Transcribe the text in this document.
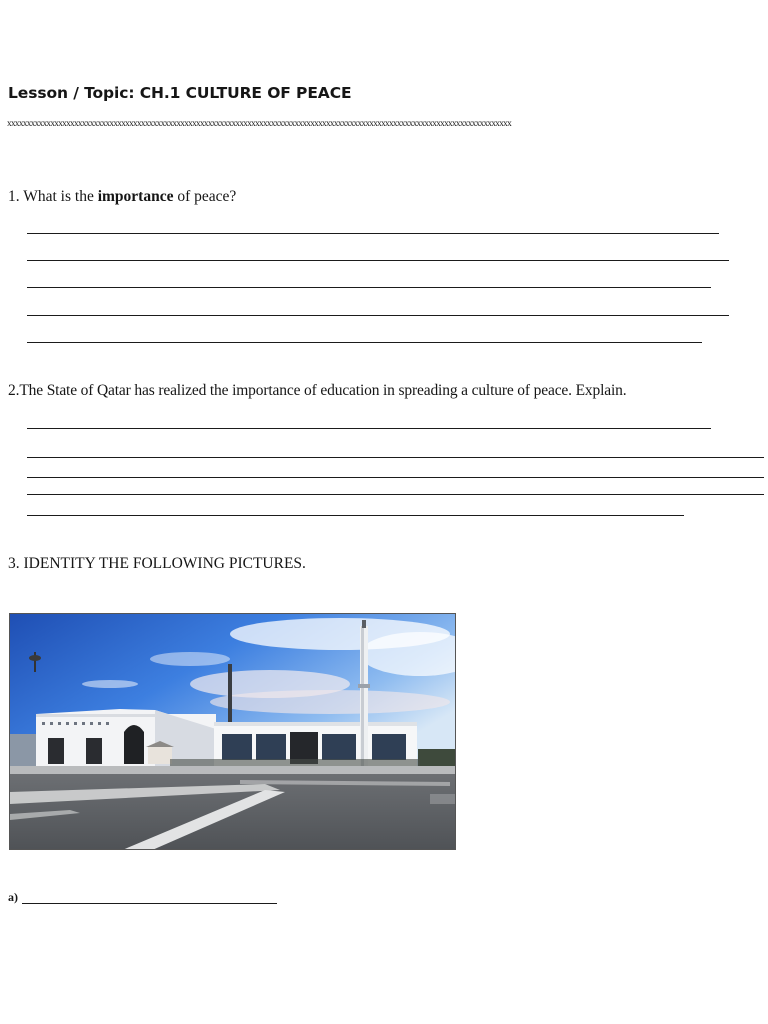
Lesson / Topic: CH.1 CULTURE OF PEACE
xxxxxxxxxxxxxxxxxxxxxxxxxxxxxxxxxxxxxxxxxxxxxxxxxxxxxxxxxxxxxxxxxxxxxxxxxxxxxxxxxxxxxxxxxxxxxxxxxxxxxxxxxxxxxxxxxxxxxxxxxxxxxxxx
1. What is the importance of peace?
2.The State of Qatar has realized the importance of education in spreading a culture of peace. Explain.
3. IDENTITY THE FOLLOWING PICTURES.
a)
